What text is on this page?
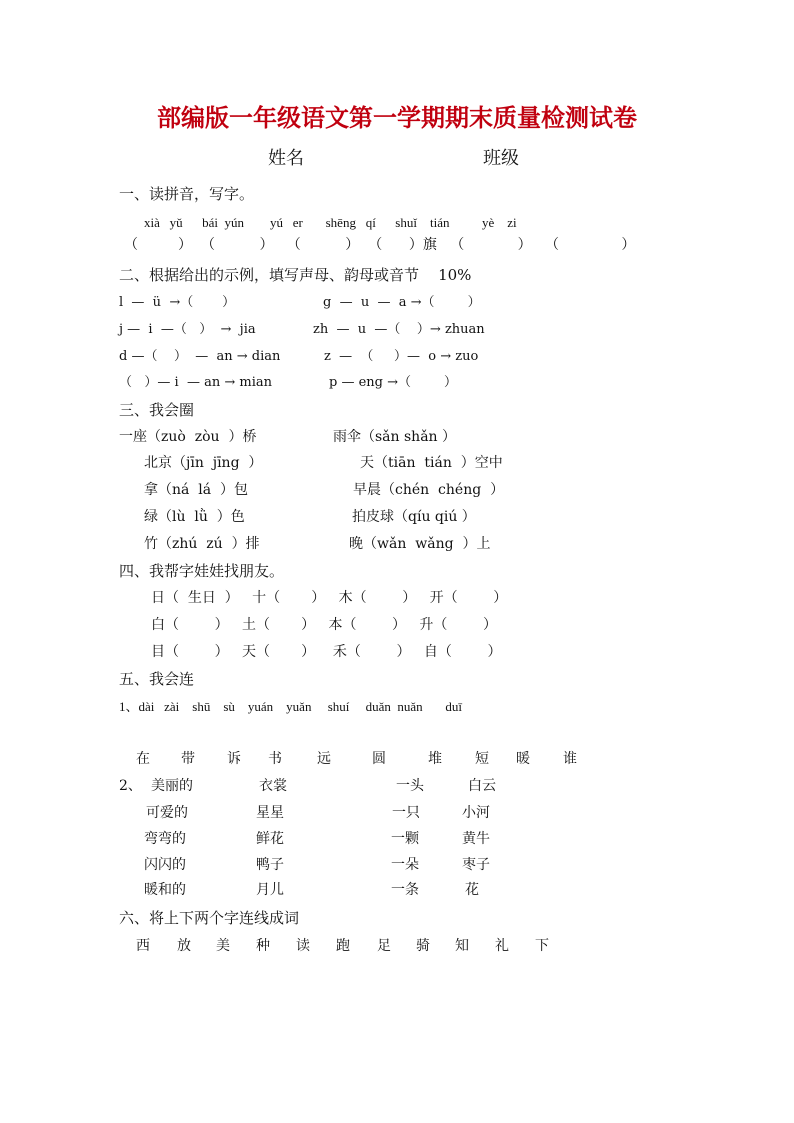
部编版一年级语文第一学期期末质量检测试卷
姓名	班级
一、读拼音，写字。
xià   yǔ      bái  yún        yú   er       shēng   qí      shuǐ    tián          yè    zi
（         ）  （          ）   （          ）  （      ）旗   （            ）   （              ）
二、根据给出的示例，填写声母、韵母或音节    10%
l  —  ü  →（       ）	g  —  u  —  a →（        ）
j —  i  —（   ）  →  jia	zh  —  u  —（    ）→ zhuan
d —（    ）  —  an → dian	z  —  （     ）—  o → zuo
（   ）— i  — an → mian	p — eng →（        ）
三、我会圈
一座（zuò  zòu  ）桥	雨伞（sǎn shǎn ）
北京（jīn  jīng  ）	天（tiān  tián  ）空中
拿（ná  lá  ）包	早晨（chén  chéng  ）
绿（lù  lǜ  ）色	拍皮球（qíu qiú ）
竹（zhú  zú  ）排	晚（wǎn  wǎng  ）上
四、我帮字娃娃找朋友。
日（  生日  ）   十（       ）   木（        ）   开（        ）
白（        ）   土（       ）   本（        ）   升（        ）
目（        ）   天（       ）    禾（        ）   自（        ）
五、我会连
1、dài   zài    shū    sù    yuán    yuǎn     shuí     duǎn  nuǎn       duī
在 带 诉 书	远	圆	堆 短 暖 谁
2、 美丽的	衣裳	一头	白云
可爱的	星星	一只	小河
弯弯的	鲜花	一颗	黄牛
闪闪的	鸭子	一朵	枣子
暖和的	月儿	一条	花
六、将上下两个字连线成词
西 放 美 种 读 跑 足 骑 知 礼 下
